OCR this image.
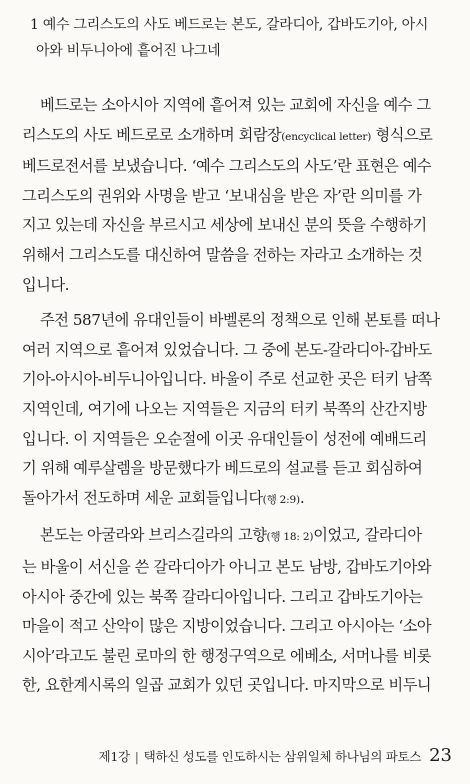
1 예수 그리스도의 사도 베드로는 본도, 갈라디아, 갑바도기아, 아시
아와 비두니아에 흩어진 나그네

베드로는 소아시아 지역에 흩어져 있는 교회에 자신을 예수 그
리스도의 사도 베드로로 소개하며 회람장(encyclical letter) 형식으로
베드로전서를 보냈습니다. ‘예수 그리스도의 사도’란 표현은 예수
그리스도의 권위와 사명을 받고 ‘보내심을 받은 자’란 의미를 가
지고 있는데 자신을 부르시고 세상에 보내신 분의 뜻을 수행하기
위해서 그리스도를 대신하여 말씀을 전하는 자라고 소개하는 것
입니다.

주전 587년에 유대인들이 바벨론의 정책으로 인해 본토를 떠나
여러 지역으로 흩어져 있었습니다. 그 중에 본도-갈라디아-갑바도
기아-아시아-비두니아입니다. 바울이 주로 선교한 곳은 터키 남쪽
지역인데, 여기에 나오는 지역들은 지금의 터키 북쪽의 산간지방
입니다. 이 지역들은 오순절에 이곳 유대인들이 성전에 예배드리
기 위해 예루살렘을 방문했다가 베드로의 설교를 듣고 회심하여
돌아가서 전도하며 세운 교회들입니다(행 2:9).

본도는 아굴라와 브리스길라의 고향(행 18: 2)이었고, 갈라디아
는 바울이 서신을 쓴 갈라디아가 아니고 본도 남방, 갑바도기아와
아시아 중간에 있는 북쪽 갈라디아입니다. 그리고 갑바도기아는
마을이 적고 산악이 많은 지방이었습니다. 그리고 아시아는 ‘소아
시아’라고도 불린 로마의 한 행정구역으로 에베소, 서머나를 비롯
한, 요한계시록의 일곱 교회가 있던 곳입니다. 마지막으로 비두니

제1강 | 택하신 성도를 인도하시는 삼위일체 하나님의 파토스 23
